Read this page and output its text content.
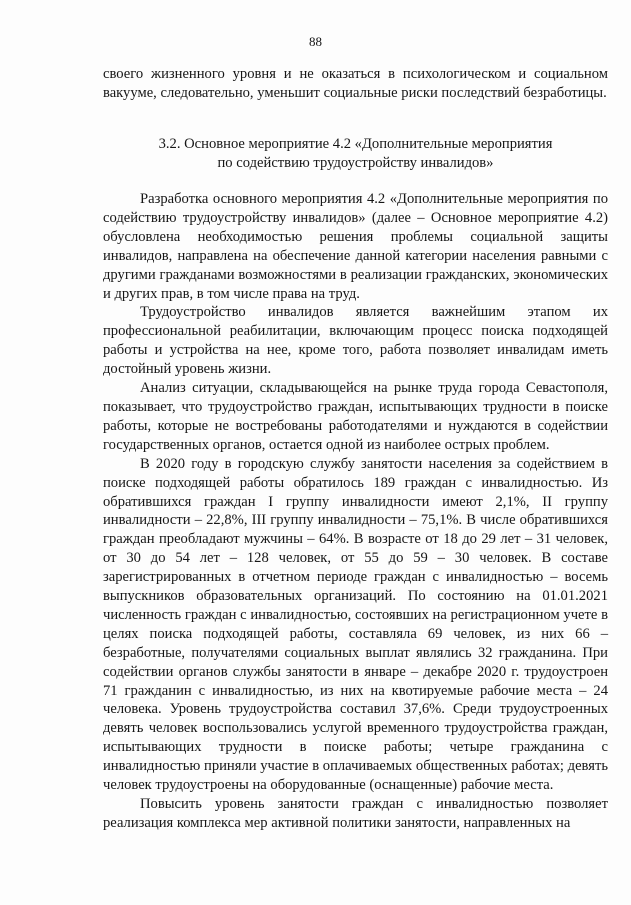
88
своего жизненного уровня и не оказаться в психологическом и социальном вакууме, следовательно, уменьшит социальные риски последствий безработицы.
3.2. Основное мероприятие 4.2 «Дополнительные мероприятия
по содействию трудоустройству инвалидов»

Разработка основного мероприятия 4.2 «Дополнительные мероприятия по содействию трудоустройству инвалидов» (далее – Основное мероприятие 4.2) обусловлена необходимостью решения проблемы социальной защиты инвалидов, направлена на обеспечение данной категории населения равными с другими гражданами возможностями в реализации гражданских, экономических и других прав, в том числе права на труд.

Трудоустройство инвалидов является важнейшим этапом их профессиональной реабилитации, включающим процесс поиска подходящей работы и устройства на нее, кроме того, работа позволяет инвалидам иметь достойный уровень жизни.

Анализ ситуации, складывающейся на рынке труда города Севастополя, показывает, что трудоустройство граждан, испытывающих трудности в поиске работы, которые не востребованы работодателями и нуждаются в содействии государственных органов, остается одной из наиболее острых проблем.

В 2020 году в городскую службу занятости населения за содействием в поиске подходящей работы обратилось 189 граждан с инвалидностью. Из обратившихся граждан I группу инвалидности имеют 2,1%, II группу инвалидности – 22,8%, III группу инвалидности – 75,1%. В числе обратившихся граждан преобладают мужчины – 64%. В возрасте от 18 до 29 лет – 31 человек, от 30 до 54 лет – 128 человек, от 55 до 59 – 30 человек. В составе зарегистрированных в отчетном периоде граждан с инвалидностью – восемь выпускников образовательных организаций. По состоянию на 01.01.2021 численность граждан с инвалидностью, состоявших на регистрационном учете в целях поиска подходящей работы, составляла 69 человек, из них 66 – безработные, получателями социальных выплат являлись 32 гражданина. При содействии органов службы занятости в январе – декабре 2020 г. трудоустроен 71 гражданин с инвалидностью, из них на квотируемые рабочие места – 24 человека. Уровень трудоустройства составил 37,6%. Среди трудоустроенных девять человек воспользовались услугой временного трудоустройства граждан, испытывающих трудности в поиске работы; четыре гражданина с инвалидностью приняли участие в оплачиваемых общественных работах; девять человек трудоустроены на оборудованные (оснащенные) рабочие места.

Повысить уровень занятости граждан с инвалидностью позволяет реализация комплекса мер активной политики занятости, направленных на
